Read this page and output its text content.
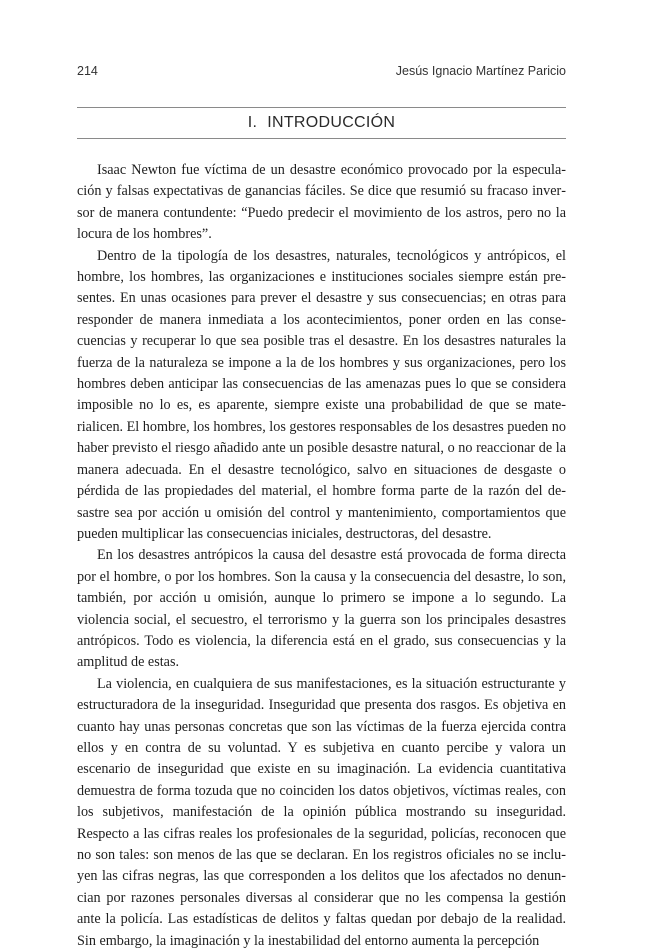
214	Jesús Ignacio Martínez Paricio
I. INTRODUCCIÓN

Isaac Newton fue víctima de un desastre económico provocado por la especulación y falsas expectativas de ganancias fáciles. Se dice que resumió su fracaso inversor de manera contundente: “Puedo predecir el movimiento de los astros, pero no la locura de los hombres”.

Dentro de la tipología de los desastres, naturales, tecnológicos y antrópicos, el hombre, los hombres, las organizaciones e instituciones sociales siempre están presentes. En unas ocasiones para prever el desastre y sus consecuencias; en otras para responder de manera inmediata a los acontecimientos, poner orden en las consecuencias y recuperar lo que sea posible tras el desastre. En los desastres naturales la fuerza de la naturaleza se impone a la de los hombres y sus organizaciones, pero los hombres deben anticipar las consecuencias de las amenazas pues lo que se considera imposible no lo es, es aparente, siempre existe una probabilidad de que se materialicen. El hombre, los hombres, los gestores responsables de los desastres pueden no haber previsto el riesgo añadido ante un posible desastre natural, o no reaccionar de la manera adecuada. En el desastre tecnológico, salvo en situaciones de desgaste o pérdida de las propiedades del material, el hombre forma parte de la razón del desastre sea por acción u omisión del control y mantenimiento, comportamientos que pueden multiplicar las consecuencias iniciales, destructoras, del desastre.

En los desastres antrópicos la causa del desastre está provocada de forma directa por el hombre, o por los hombres. Son la causa y la consecuencia del desastre, lo son, también, por acción u omisión, aunque lo primero se impone a lo segundo. La violencia social, el secuestro, el terrorismo y la guerra son los principales desastres antrópicos. Todo es violencia, la diferencia está en el grado, sus consecuencias y la amplitud de estas.

La violencia, en cualquiera de sus manifestaciones, es la situación estructurante y estructuradora de la inseguridad. Inseguridad que presenta dos rasgos. Es objetiva en cuanto hay unas personas concretas que son las víctimas de la fuerza ejercida contra ellos y en contra de su voluntad. Y es subjetiva en cuanto percibe y valora un escenario de inseguridad que existe en su imaginación. La evidencia cuantitativa demuestra de forma tozuda que no coinciden los datos objetivos, víctimas reales, con los subjetivos, manifestación de la opinión pública mostrando su inseguridad. Respecto a las cifras reales los profesionales de la seguridad, policías, reconocen que no son tales: son menos de las que se declaran. En los registros oficiales no se incluyen las cifras negras, las que corresponden a los delitos que los afectados no denuncian por razones personales diversas al considerar que no les compensa la gestión ante la policía. Las estadísticas de delitos y faltas quedan por debajo de la realidad. Sin embargo, la imaginación y la inestabilidad del entorno aumenta la percepción
